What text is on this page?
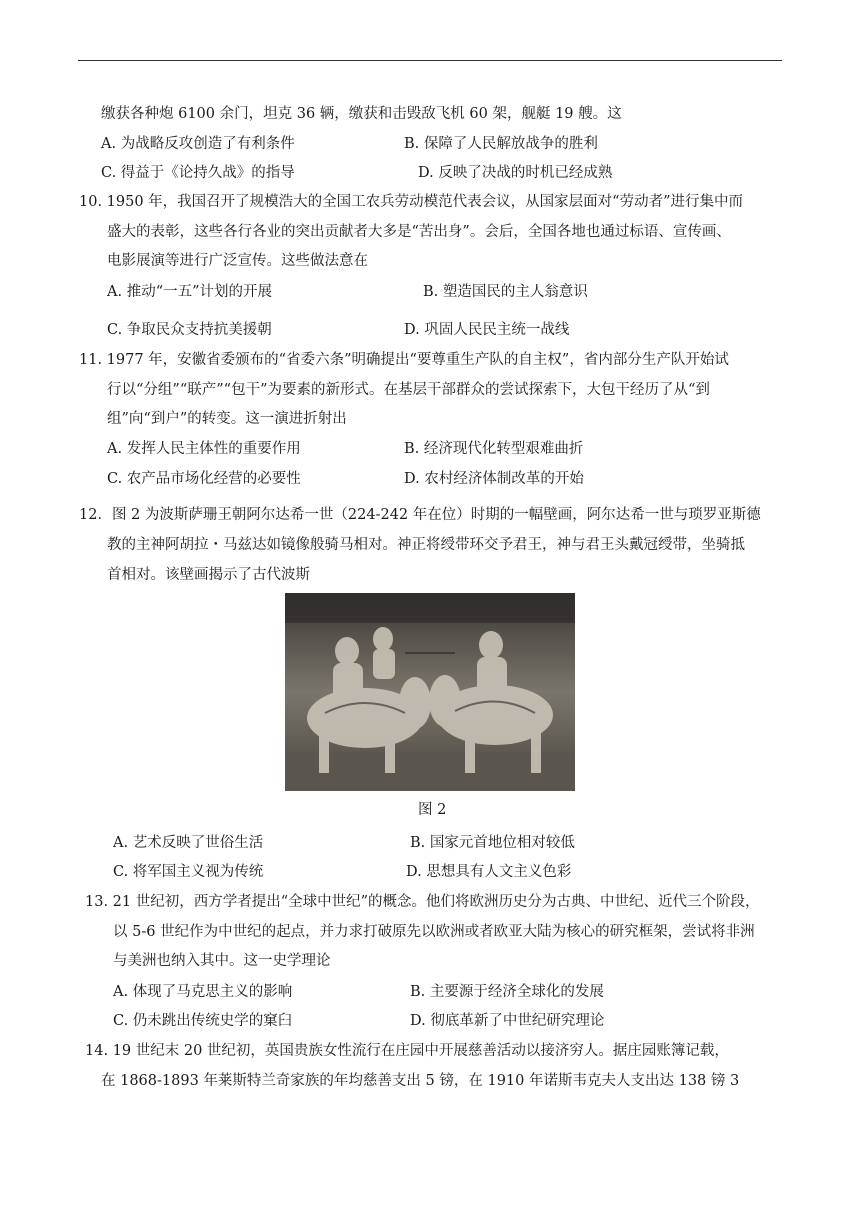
缴获各种炮 6100 余门，坦克 36 辆，缴获和击毁敌飞机 60 架，舰艇 19 艘。这
A. 为战略反攻创造了有利条件	B. 保障了人民解放战争的胜利
C. 得益于《论持久战》的指导	D. 反映了决战的时机已经成熟
10. 1950 年，我国召开了规模浩大的全国工农兵劳动模范代表会议，从国家层面对“劳动者”进行集中而
盛大的表彰，这些各行各业的突出贡献者大多是“苦出身”。会后，全国各地也通过标语、宣传画、
电影展演等进行广泛宣传。这些做法意在
A. 推动“一五”计划的开展	B. 塑造国民的主人翁意识
C. 争取民众支持抗美援朝	D. 巩固人民民主统一战线
11. 1977 年，安徽省委颁布的“省委六条”明确提出“要尊重生产队的自主权”，省内部分生产队开始试
行以“分组”“联产”“包干”为要素的新形式。在基层干部群众的尝试探索下，大包干经历了从“到
组”向“到户”的转变。这一演进折射出
A. 发挥人民主体性的重要作用	B. 经济现代化转型艰难曲折
C. 农产品市场化经营的必要性	D. 农村经济体制改革的开始
12．图 2 为波斯萨珊王朝阿尔达希一世（224-242 年在位）时期的一幅壁画，阿尔达希一世与琐罗亚斯德
教的主神阿胡拉・马兹达如镜像般骑马相对。神正将绶带环交予君王，神与君王头戴冠绶带，坐骑抵
首相对。该壁画揭示了古代波斯
图 2
A. 艺术反映了世俗生活	B. 国家元首地位相对较低
C. 将军国主义视为传统	D. 思想具有人文主义色彩
13. 21 世纪初，西方学者提出“全球中世纪”的概念。他们将欧洲历史分为古典、中世纪、近代三个阶段，
以 5-6 世纪作为中世纪的起点，并力求打破原先以欧洲或者欧亚大陆为核心的研究框架，尝试将非洲
与美洲也纳入其中。这一史学理论
A. 体现了马克思主义的影响	B. 主要源于经济全球化的发展
C. 仍未跳出传统史学的窠臼	D. 彻底革新了中世纪研究理论
14. 19 世纪末 20 世纪初，英国贵族女性流行在庄园中开展慈善活动以接济穷人。据庄园账簿记载，
在 1868-1893 年莱斯特兰奇家族的年均慈善支出 5 镑，在 1910 年诺斯韦克夫人支出达 138 镑 3
